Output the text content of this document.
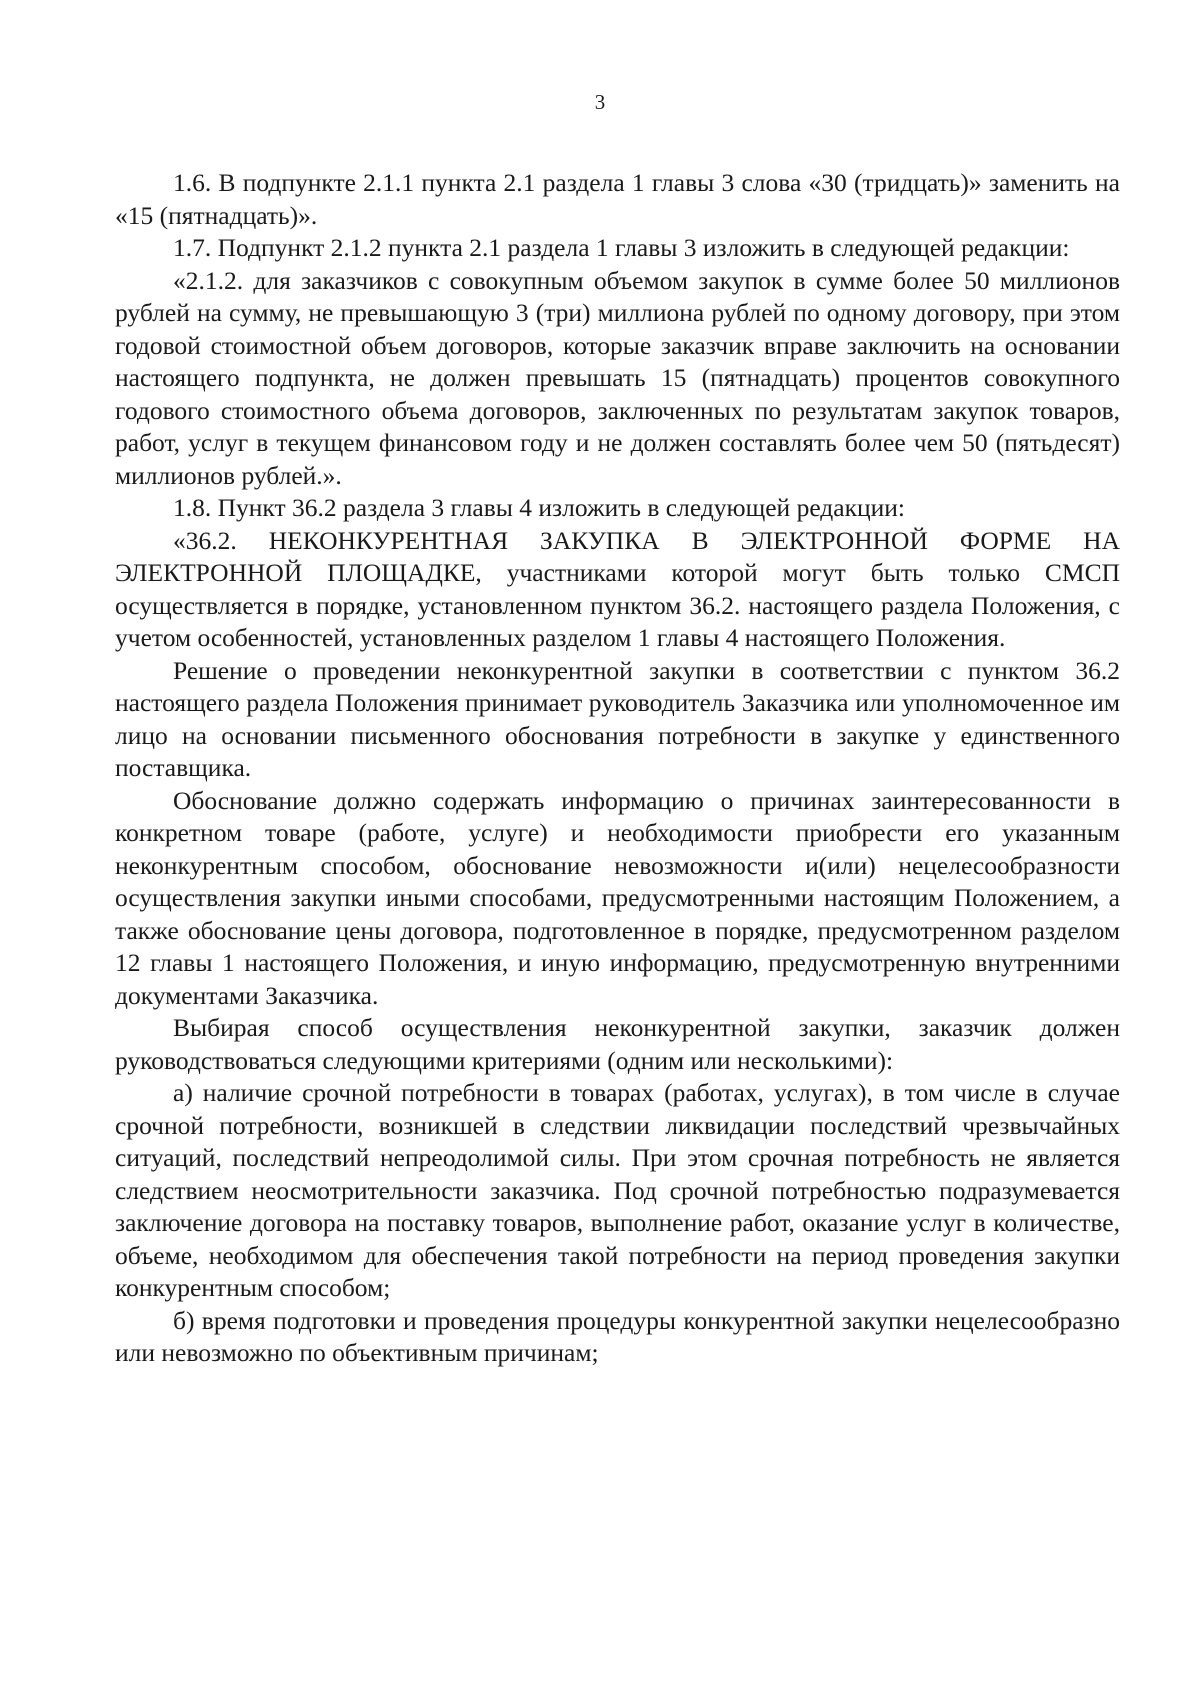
3

1.6. В подпункте 2.1.1 пункта 2.1 раздела 1 главы 3 слова «30 (тридцать)» заменить на «15 (пятнадцать)».

1.7. Подпункт 2.1.2 пункта 2.1 раздела 1 главы 3 изложить в следующей редакции:

«2.1.2. для заказчиков с совокупным объемом закупок в сумме более 50 миллионов рублей на сумму, не превышающую 3 (три) миллиона рублей по одному договору, при этом годовой стоимостной объем договоров, которые заказчик вправе заключить на основании настоящего подпункта, не должен превышать 15 (пятнадцать) процентов совокупного годового стоимостного объема договоров, заключенных по результатам закупок товаров, работ, услуг в текущем финансовом году и не должен составлять более чем 50 (пятьдесят) миллионов рублей.».

1.8. Пункт 36.2 раздела 3 главы 4 изложить в следующей редакции:

«36.2. НЕКОНКУРЕНТНАЯ ЗАКУПКА В ЭЛЕКТРОННОЙ ФОРМЕ НА ЭЛЕКТРОННОЙ ПЛОЩАДКЕ, участниками которой могут быть только СМСП осуществляется в порядке, установленном пунктом 36.2. настоящего раздела Положения, с учетом особенностей, установленных разделом 1 главы 4 настоящего Положения.

Решение о проведении неконкурентной закупки в соответствии с пунктом 36.2 настоящего раздела Положения принимает руководитель Заказчика или уполномоченное им лицо на основании письменного обоснования потребности в закупке у единственного поставщика.

Обоснование должно содержать информацию о причинах заинтересованности в конкретном товаре (работе, услуге) и необходимости приобрести его указанным неконкурентным способом, обоснование невозможности и(или) нецелесообразности осуществления закупки иными способами, предусмотренными настоящим Положением, а также обоснование цены договора, подготовленное в порядке, предусмотренном разделом 12 главы 1 настоящего Положения, и иную информацию, предусмотренную внутренними документами Заказчика.

Выбирая способ осуществления неконкурентной закупки, заказчик должен руководствоваться следующими критериями (одним или несколькими):

а) наличие срочной потребности в товарах (работах, услугах), в том числе в случае срочной потребности, возникшей в следствии ликвидации последствий чрезвычайных ситуаций, последствий непреодолимой силы. При этом срочная потребность не является следствием неосмотрительности заказчика. Под срочной потребностью подразумевается заключение договора на поставку товаров, выполнение работ, оказание услуг в количестве, объеме, необходимом для обеспечения такой потребности на период проведения закупки конкурентным способом;

б) время подготовки и проведения процедуры конкурентной закупки нецелесообразно или невозможно по объективным причинам;
